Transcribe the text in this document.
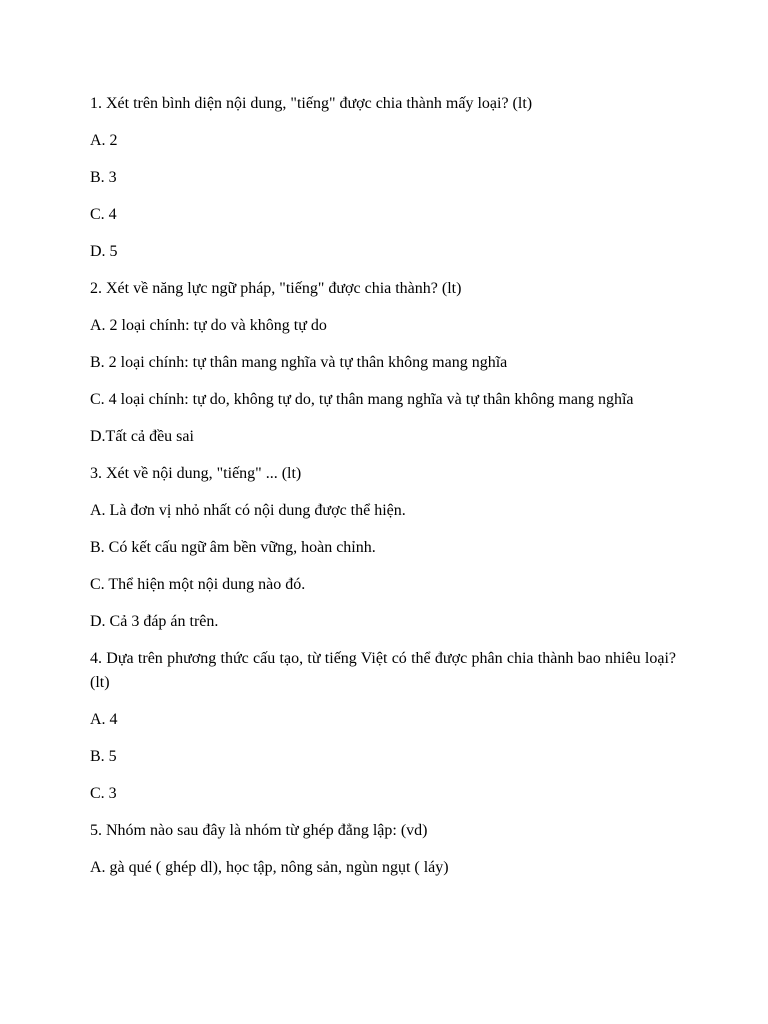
1. Xét trên bình diện nội dung, "tiếng" được chia thành mấy loại? (lt)
A. 2
B. 3
C. 4
D. 5
2. Xét về năng lực ngữ pháp, "tiếng" được chia thành? (lt)
A. 2 loại chính: tự do và không tự do
B. 2 loại chính: tự thân mang nghĩa và tự thân không mang nghĩa
C. 4 loại chính: tự do, không tự do, tự thân mang nghĩa và tự thân không mang nghĩa
D.Tất cả đều sai
3. Xét về nội dung, "tiếng" ... (lt)
A. Là đơn vị nhỏ nhất có nội dung được thể hiện.
B. Có kết cấu ngữ âm bền vững, hoàn chỉnh.
C. Thể hiện một nội dung nào đó.
D. Cả 3 đáp án trên.
4. Dựa trên phương thức cấu tạo, từ tiếng Việt có thể được phân chia thành bao nhiêu loại? (lt)
A. 4
B. 5
C. 3
5. Nhóm nào sau đây là nhóm từ ghép đẳng lập: (vd)
A. gà qué ( ghép dl), học tập, nông sản, ngùn ngụt ( láy)
